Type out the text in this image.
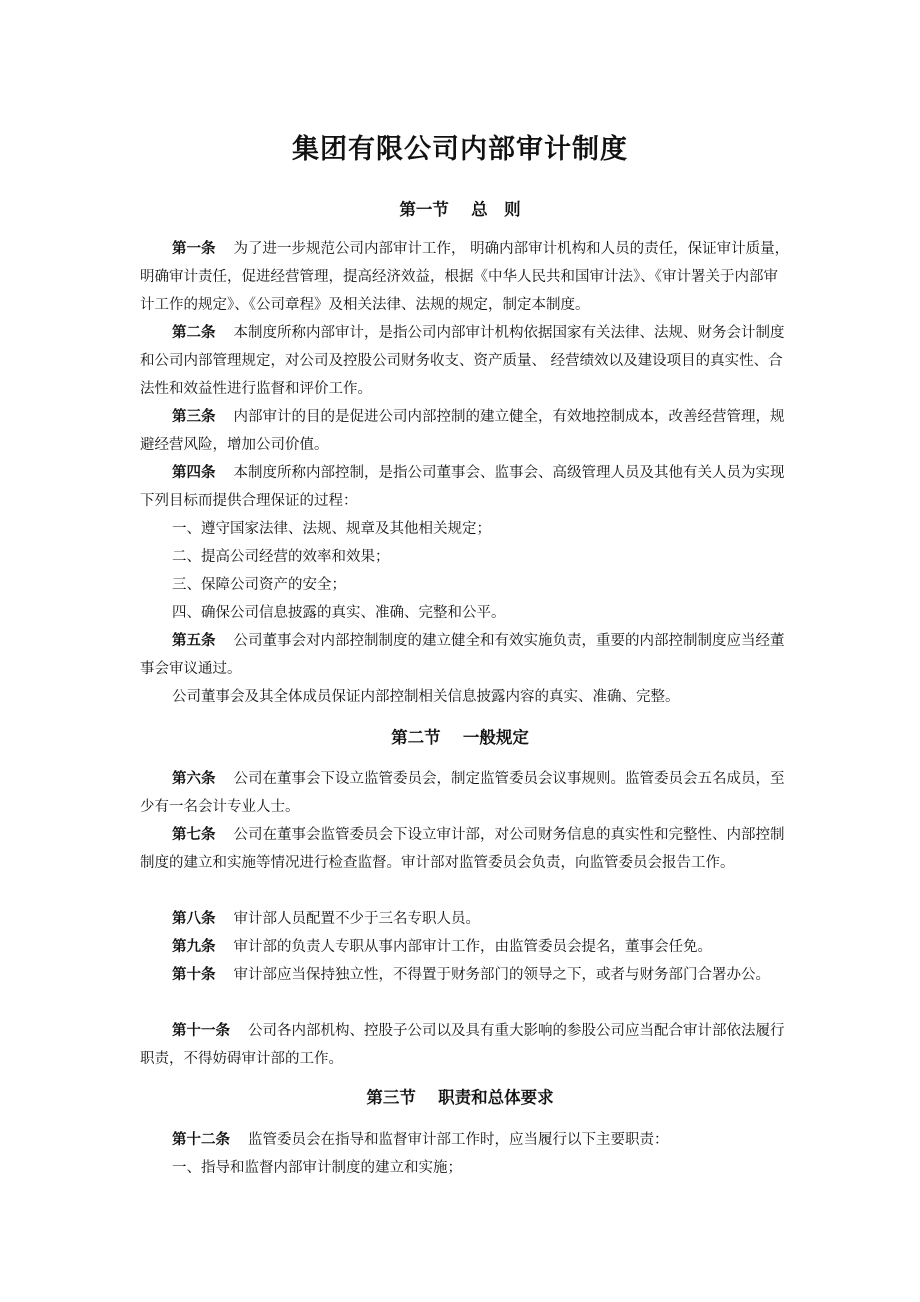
集团有限公司内部审计制度
第一节　 总　则

第一条 为了进一步规范公司内部审计工作， 明确内部审计机构和人员的责任，保证审计质量，明确审计责任，促进经营管理，提高经济效益，根据《中华人民共和国审计法》、《审计署关于内部审计工作的规定》、《公司章程》及相关法律、法规的规定，制定本制度。

第二条 本制度所称内部审计，是指公司内部审计机构依据国家有关法律、法规、财务会计制度和公司内部管理规定，对公司及控股公司财务收支、资产质量、 经营绩效以及建设项目的真实性、合法性和效益性进行监督和评价工作。

第三条 内部审计的目的是促进公司内部控制的建立健全，有效地控制成本，改善经营管理，规避经营风险，增加公司价值。

第四条 本制度所称内部控制，是指公司董事会、监事会、高级管理人员及其他有关人员为实现下列目标而提供合理保证的过程：

一、遵守国家法律、法规、规章及其他相关规定；

二、提高公司经营的效率和效果；

三、保障公司资产的安全；

四、确保公司信息披露的真实、准确、完整和公平。

第五条 公司董事会对内部控制制度的建立健全和有效实施负责，重要的内部控制制度应当经董事会审议通过。

公司董事会及其全体成员保证内部控制相关信息披露内容的真实、准确、完整。

第二节　 一般规定

第六条 公司在董事会下设立监管委员会，制定监管委员会议事规则。监管委员会五名成员，至少有一名会计专业人士。

第七条 公司在董事会监管委员会下设立审计部，对公司财务信息的真实性和完整性、内部控制制度的建立和实施等情况进行检查监督。审计部对监管委员会负责，向监管委员会报告工作。

第八条 审计部人员配置不少于三名专职人员。

第九条 审计部的负责人专职从事内部审计工作，由监管委员会提名，董事会任免。

第十条 审计部应当保持独立性，不得置于财务部门的领导之下，或者与财务部门合署办公。

第十一条 公司各内部机构、控股子公司以及具有重大影响的参股公司应当配合审计部依法履行职责，不得妨碍审计部的工作。

第三节　 职责和总体要求

第十二条 监管委员会在指导和监督审计部工作时，应当履行以下主要职责：

一、指导和监督内部审计制度的建立和实施；
